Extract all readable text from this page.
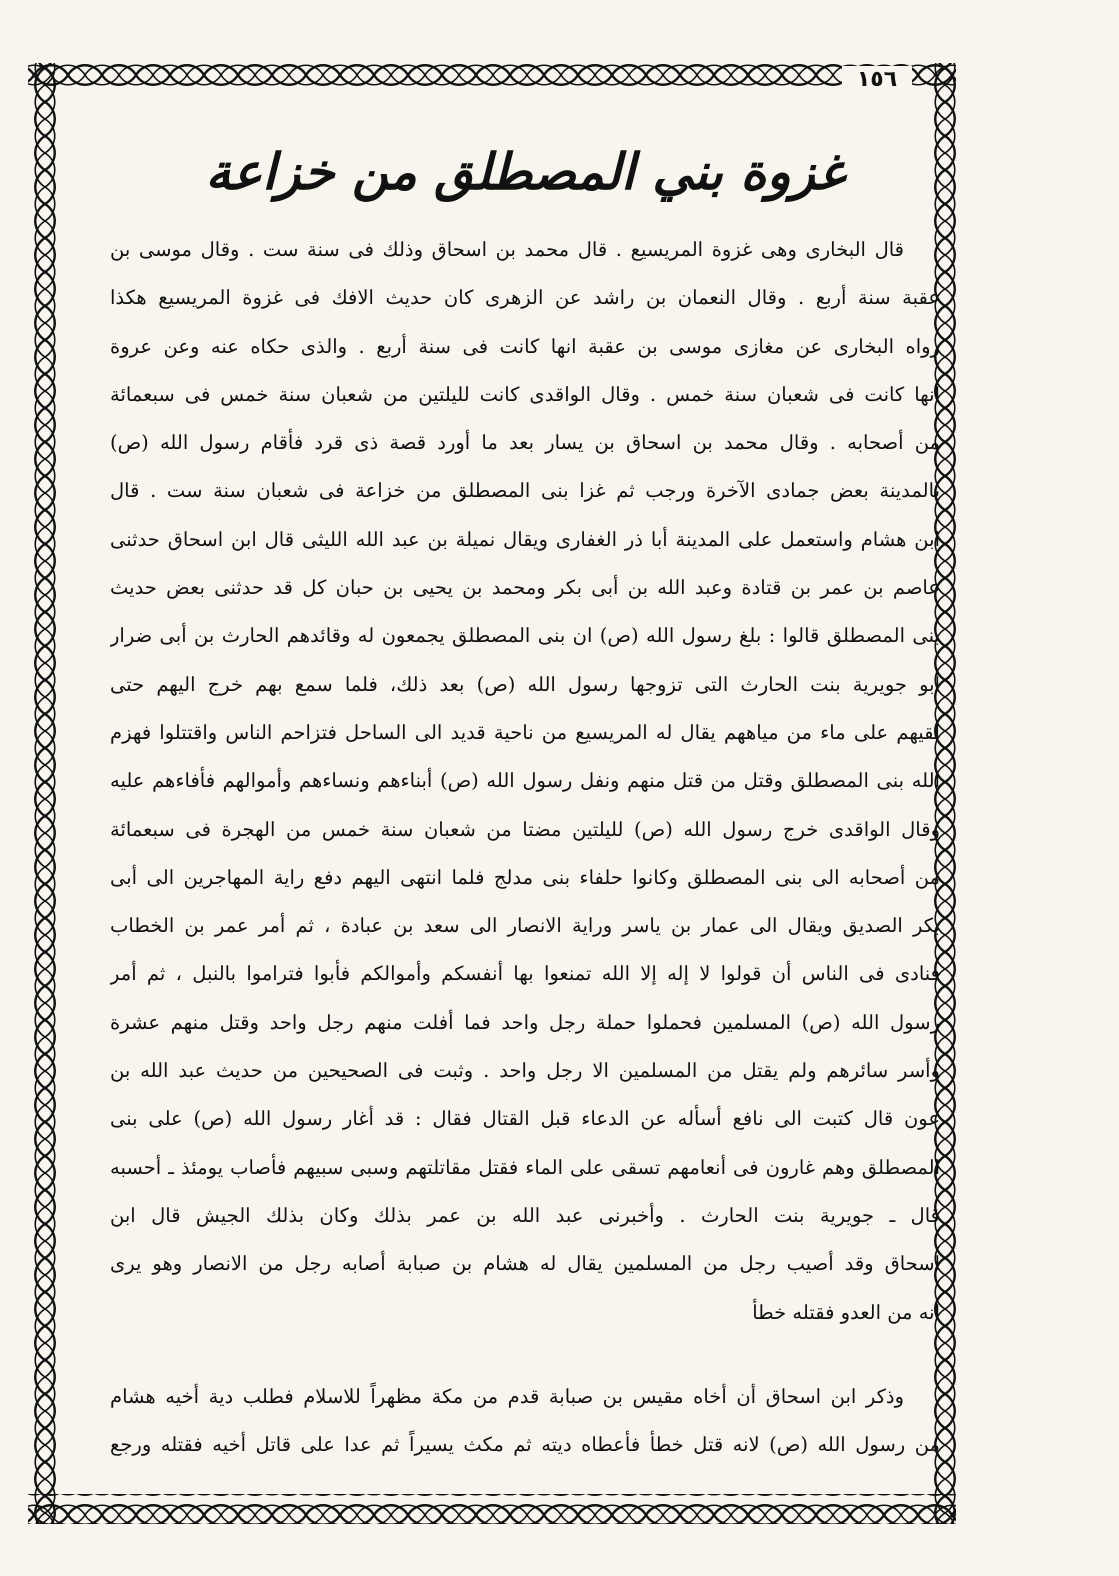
١٥٦
غزوة بني المصطلق من خزاعة
قال البخارى وهى غزوة المريسيع . قال محمد بن اسحاق وذلك فى سنة ست . وقال موسى بن
عقبة سنة أربع . وقال النعمان بن راشد عن الزهرى كان حديث الافك فى غزوة المريسيع هكذا
رواه البخارى عن مغازى موسى بن عقبة انها كانت فى سنة أربع . والذى حكاه عنه وعن عروة
انها كانت فى شعبان سنة خمس . وقال الواقدى كانت لليلتين من شعبان سنة خمس فى سبعمائة
من أصحابه . وقال محمد بن اسحاق بن يسار بعد ما أورد قصة ذى قرد فأقام رسول الله (ص)
بالمدينة بعض جمادى الآخرة ورجب ثم غزا بنى المصطلق من خزاعة فى شعبان سنة ست . قال
ابن هشام واستعمل على المدينة أبا ذر الغفارى ويقال نميلة بن عبد الله الليثى قال ابن اسحاق حدثنى
عاصم بن عمر بن قتادة وعبد الله بن أبى بكر ومحمد بن يحيى بن حبان كل قد حدثنى بعض حديث
بنى المصطلق قالوا : بلغ رسول الله (ص) ان بنى المصطلق يجمعون له وقائدهم الحارث بن أبى ضرار
أبو جويرية بنت الحارث التى تزوجها رسول الله (ص) بعد ذلك، فلما سمع بهم خرج اليهم حتى
لقيهم على ماء من مياههم يقال له المريسيع من ناحية قديد الى الساحل فتزاحم الناس واقتتلوا فهزم
الله بنى المصطلق وقتل من قتل منهم ونفل رسول الله (ص) أبناءهم ونساءهم وأموالهم فأفاءهم عليه
وقال الواقدى خرج رسول الله (ص) لليلتين مضتا من شعبان سنة خمس من الهجرة فى سبعمائة
من أصحابه الى بنى المصطلق وكانوا حلفاء بنى مدلج فلما انتهى اليهم دفع راية المهاجرين الى أبى
بكر الصديق ويقال الى عمار بن ياسر وراية الانصار الى سعد بن عبادة ، ثم أمر عمر بن الخطاب
فنادى فى الناس أن قولوا لا إله إلا الله تمنعوا بها أنفسكم وأموالكم فأبوا فتراموا بالنبل ، ثم أمر
رسول الله (ص) المسلمين فحملوا حملة رجل واحد فما أفلت منهم رجل واحد وقتل منهم عشرة
وأسر سائرهم ولم يقتل من المسلمين الا رجل واحد . وثبت فى الصحيحين من حديث عبد الله بن
عون قال كتبت الى نافع أسأله عن الدعاء قبل القتال فقال : قد أغار رسول الله (ص) على بنى
المصطلق وهم غارون فى أنعامهم تسقى على الماء فقتل مقاتلتهم وسبى سبيهم فأصاب يومئذ ـ أحسبه
قال ـ جويرية بنت الحارث . وأخبرنى عبد الله بن عمر بذلك وكان بذلك الجيش قال ابن
اسحاق وقد أصيب رجل من المسلمين يقال له هشام بن صبابة أصابه رجل من الانصار وهو يرى
انه من العدو فقتله خطأ
وذكر ابن اسحاق أن أخاه مقيس بن صبابة قدم من مكة مظهراً للاسلام فطلب دية أخيه هشام
من رسول الله (ص) لانه قتل خطأ فأعطاه ديته ثم مكث يسيراً ثم عدا على قاتل أخيه فقتله ورجع
